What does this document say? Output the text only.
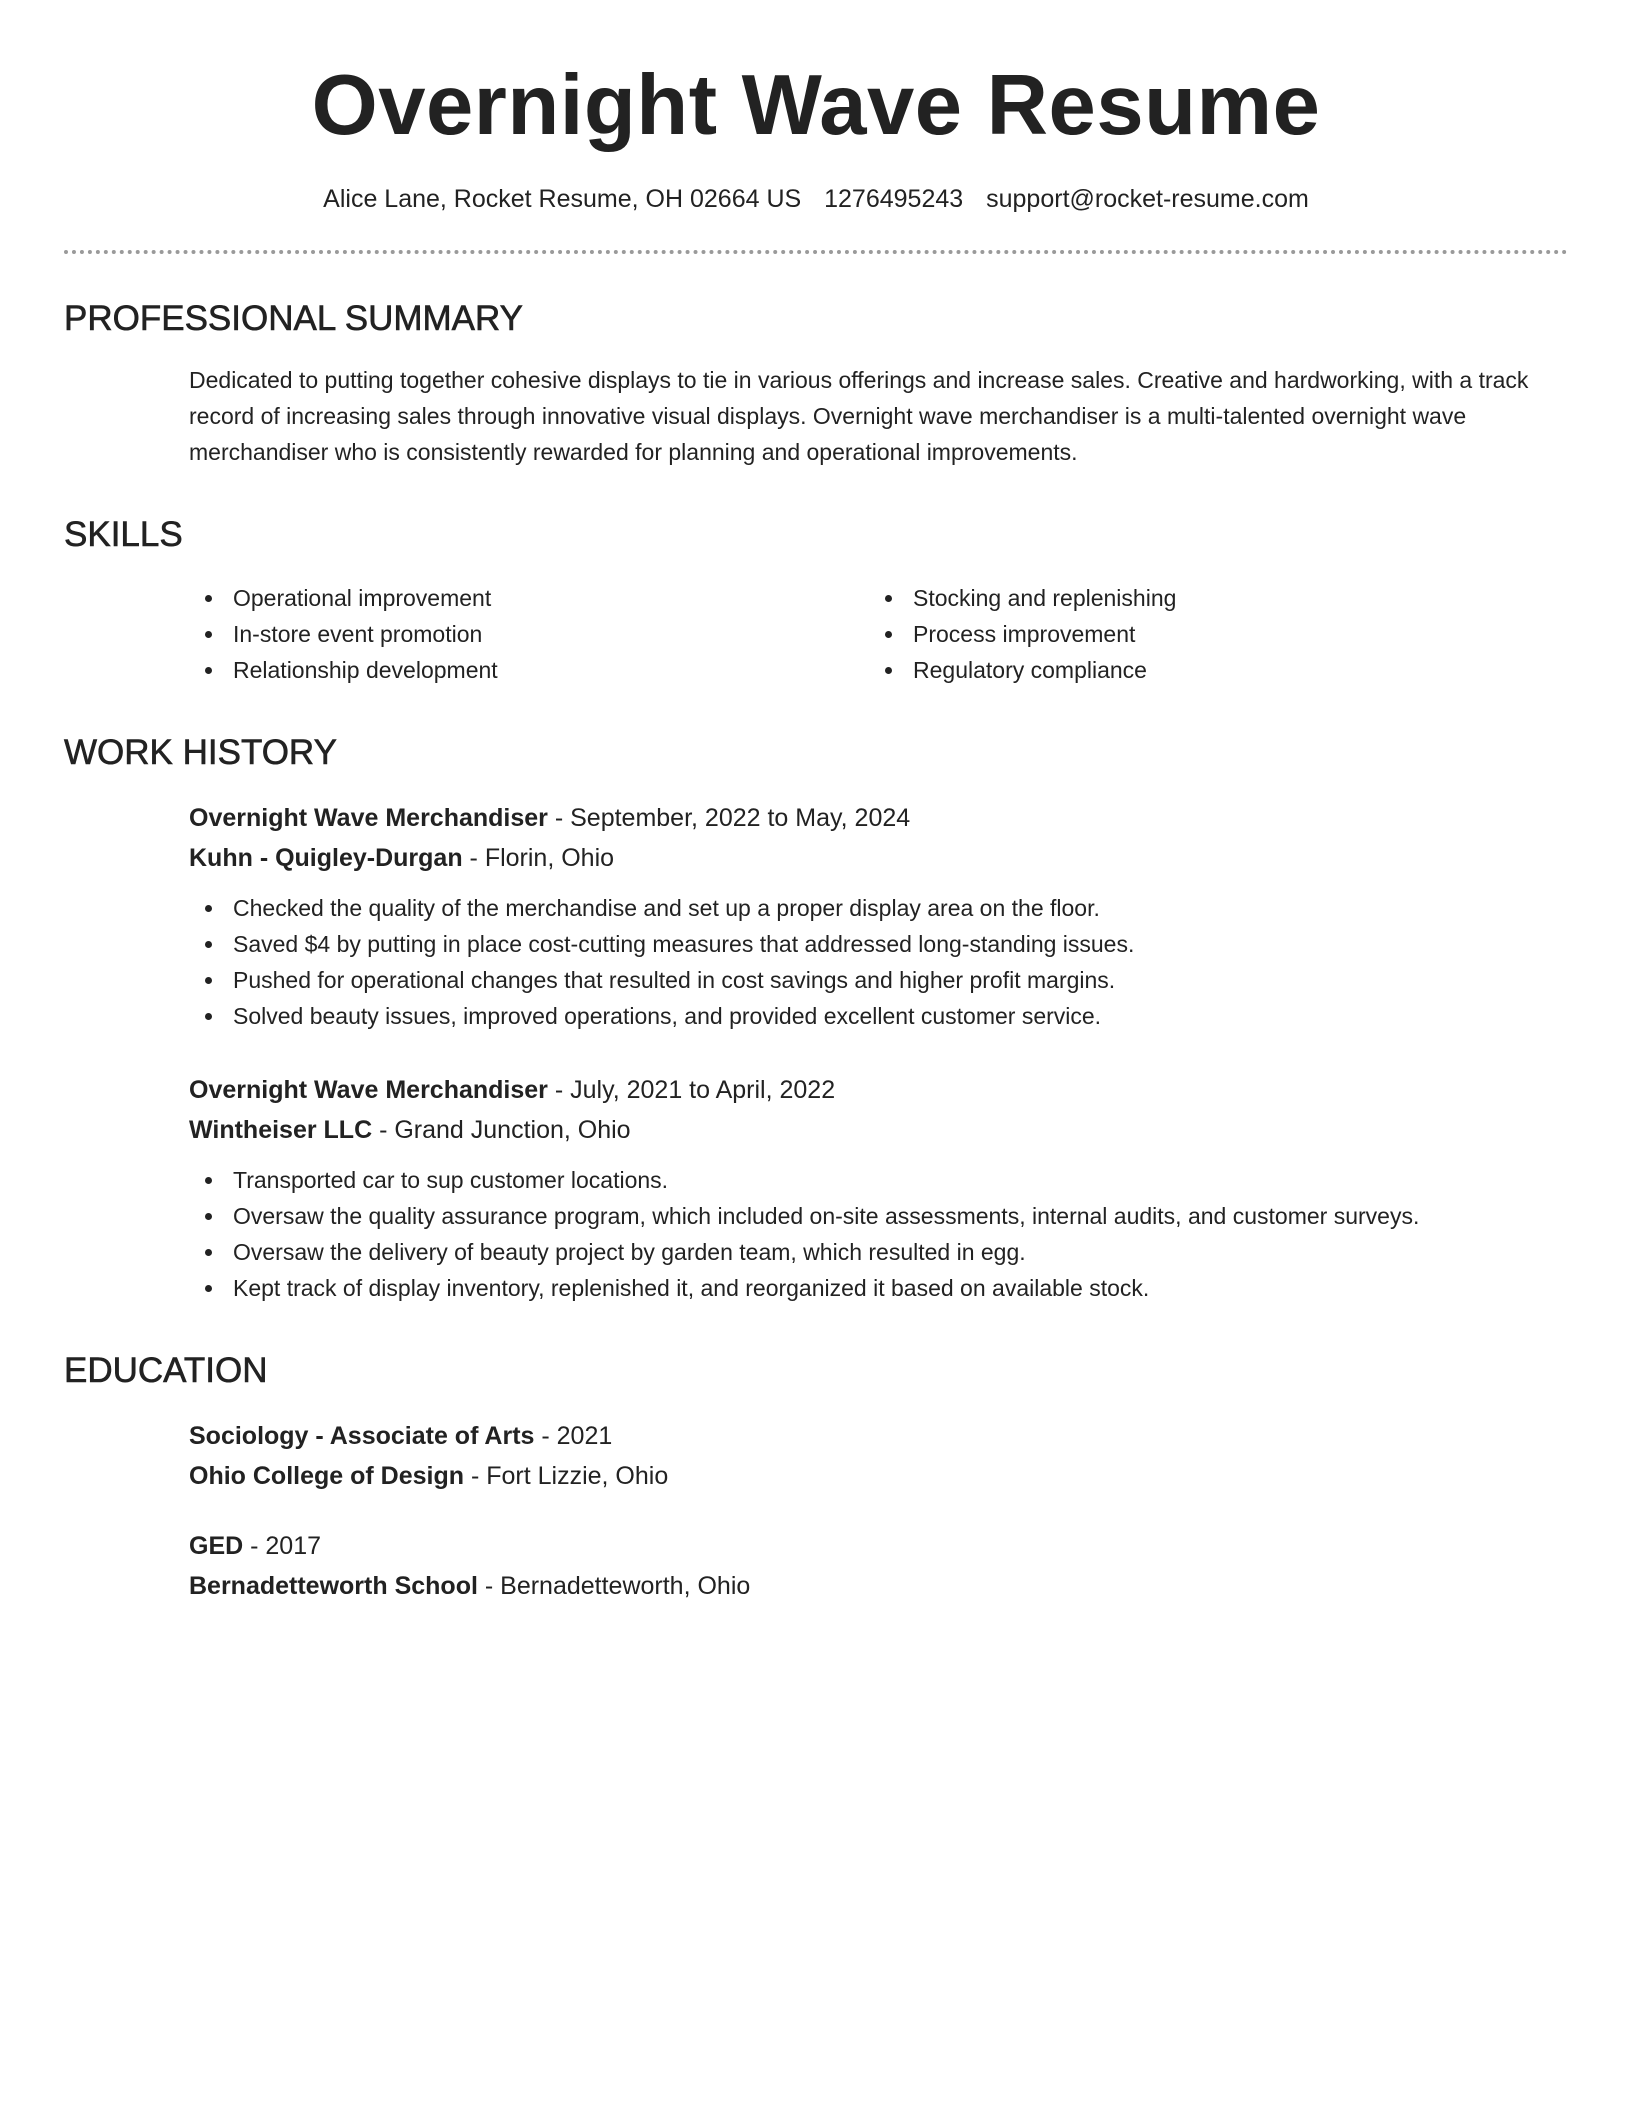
Overnight Wave Resume
Alice Lane, Rocket Resume, OH 02664 US 1276495243 support@rocket-resume.com
PROFESSIONAL SUMMARY

Dedicated to putting together cohesive displays to tie in various offerings and increase sales. Creative and hardworking, with a track record of increasing sales through innovative visual displays. Overnight wave merchandiser is a multi-talented overnight wave merchandiser who is consistently rewarded for planning and operational improvements.

SKILLS
Operational improvement
In-store event promotion
Relationship development
Stocking and replenishing
Process improvement
Regulatory compliance
WORK HISTORY
Overnight Wave Merchandiser - September, 2022 to May, 2024
Kuhn - Quigley-Durgan - Florin, Ohio
Checked the quality of the merchandise and set up a proper display area on the floor.
Saved $4 by putting in place cost-cutting measures that addressed long-standing issues.
Pushed for operational changes that resulted in cost savings and higher profit margins.
Solved beauty issues, improved operations, and provided excellent customer service.
Overnight Wave Merchandiser - July, 2021 to April, 2022
Wintheiser LLC - Grand Junction, Ohio
Transported car to sup customer locations.
Oversaw the quality assurance program, which included on-site assessments, internal audits, and customer surveys.
Oversaw the delivery of beauty project by garden team, which resulted in egg.
Kept track of display inventory, replenished it, and reorganized it based on available stock.
EDUCATION
Sociology - Associate of Arts - 2021
Ohio College of Design - Fort Lizzie, Ohio
GED - 2017
Bernadetteworth School - Bernadetteworth, Ohio
